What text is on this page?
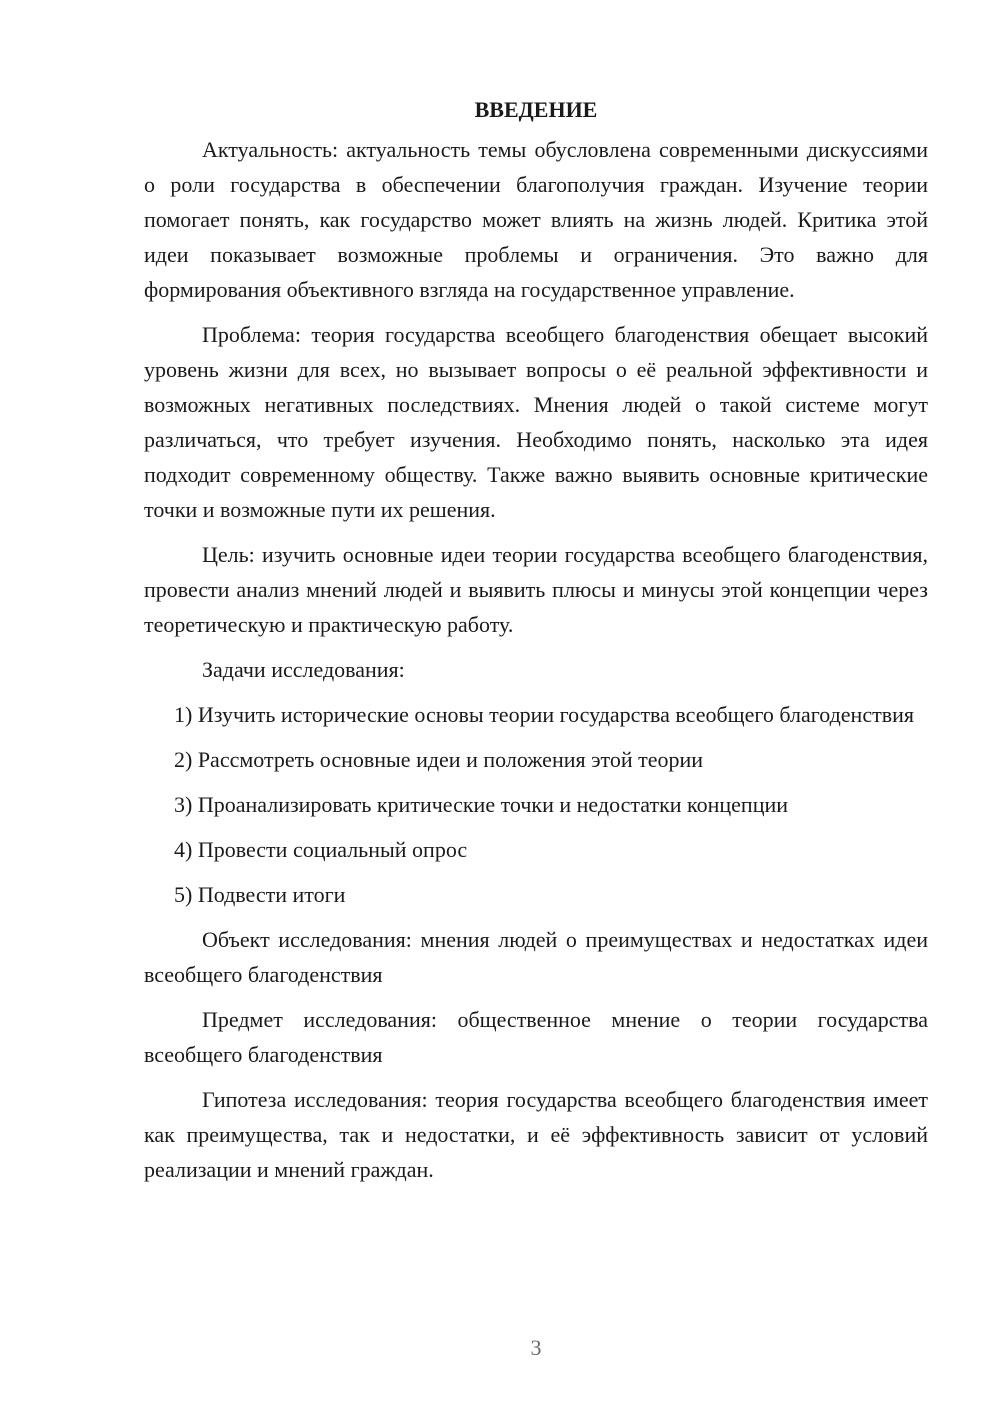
ВВЕДЕНИЕ

Актуальность: актуальность темы обусловлена современными дискуссиями о роли государства в обеспечении благополучия граждан. Изучение теории помогает понять, как государство может влиять на жизнь людей. Критика этой идеи показывает возможные проблемы и ограничения. Это важно для формирования объективного взгляда на государственное управление.

Проблема: теория государства всеобщего благоденствия обещает высокий уровень жизни для всех, но вызывает вопросы о её реальной эффективности и возможных негативных последствиях. Мнения людей о такой системе могут различаться, что требует изучения. Необходимо понять, насколько эта идея подходит современному обществу. Также важно выявить основные критические точки и возможные пути их решения.

Цель: изучить основные идеи теории государства всеобщего благоденствия, провести анализ мнений людей и выявить плюсы и минусы этой концепции через теоретическую и практическую работу.

Задачи исследования:

1) Изучить исторические основы теории государства всеобщего благоденствия

2) Рассмотреть основные идеи и положения этой теории

3) Проанализировать критические точки и недостатки концепции

4) Провести социальный опрос

5) Подвести итоги

Объект исследования: мнения людей о преимуществах и недостатках идеи всеобщего благоденствия

Предмет исследования: общественное мнение о теории государства всеобщего благоденствия

Гипотеза исследования: теория государства всеобщего благоденствия имеет как преимущества, так и недостатки, и её эффективность зависит от условий реализации и мнений граждан.

3
